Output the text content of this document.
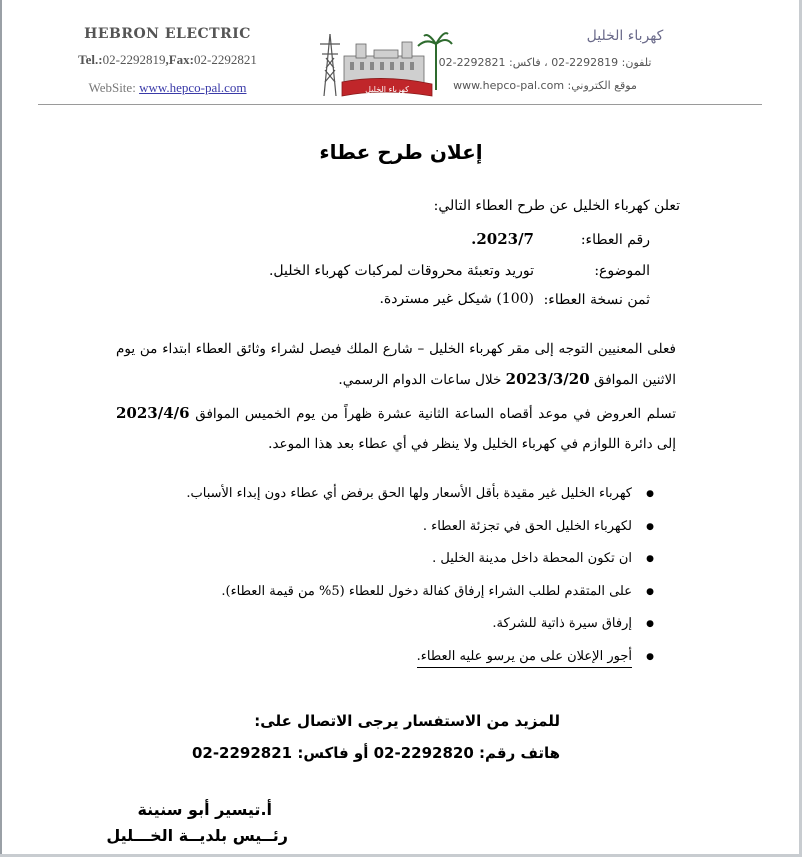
HEBRON ELECTRIC
Tel.:02-2292819,Fax:02-2292821
WebSite: www.hepco-pal.com	كهرباء الخليل
كهرباء الخليل
تلفون: 2292819-02 ، فاكس: 2292821-02
موقع الكتروني: www.hepco-pal.com
إعلان طرح عطاء
تعلن كهرباء الخليل عن طرح العطاء التالي:
رقم العطاء:
2023/7.
الموضوع:
توريد وتعبئة محروقات لمركبات كهرباء الخليل.
ثمن نسخة العطاء:
(100) شيكل غير مستردة.
فعلى المعنيين التوجه إلى مقر كهرباء الخليل – شارع الملك فيصل لشراء وثائق العطاء ابتداء من يوم الاثنين الموافق 2023/3/20 خلال ساعات الدوام الرسمي.
تسلم العروض في موعد أقصاه الساعة الثانية عشرة ظهراً من يوم الخميس الموافق 2023/4/6 إلى دائرة اللوازم في كهرباء الخليل ولا ينظر في أي عطاء بعد هذا الموعد.
● كهرباء الخليل غير مقيدة بأقل الأسعار ولها الحق برفض أي عطاء دون إبداء الأسباب.
● لكهرباء الخليل الحق في تجزئة العطاء .
● ان تكون المحطة داخل مدينة الخليل .
● على المتقدم لطلب الشراء إرفاق كفالة دخول للعطاء (5% من قيمة العطاء).
● إرفاق سيرة ذاتية للشركة.
● أجور الإعلان على من يرسو عليه العطاء.
للمزيد من الاستفسار يرجى الاتصال على:
هاتف رقم: 2292820-02 أو فاكس: 2292821-02
أ.تيسير أبو سنينة
رئــيس بلديــة الخـــليل
